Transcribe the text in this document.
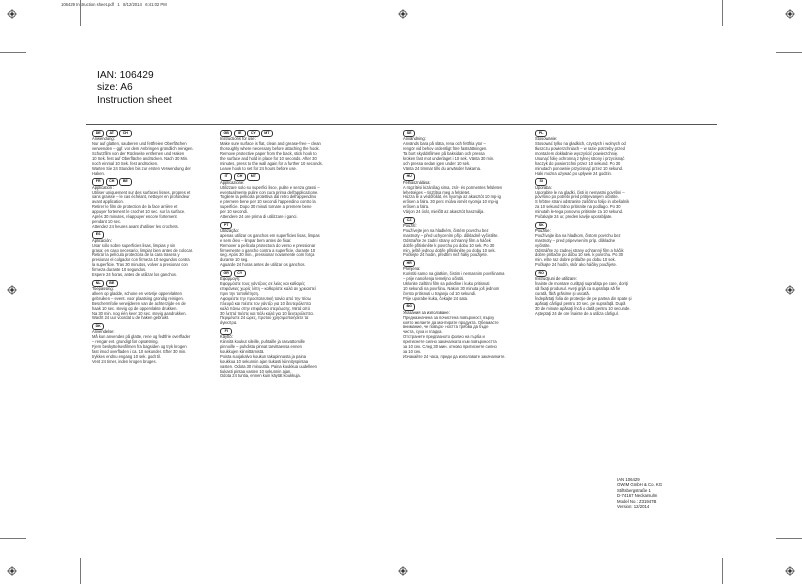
106429 Instruction sheet.pdf   1   8/12/2014   6:41:02 PM
IAN: 106429
size: A6
Instruction sheet
DE	AT	CH
Anwendung:
Nur auf glatten, sauberen und fettfreien Oberflächen
verwenden – ggf. vor dem Anbringen gründlich reinigen.
Schutzfilm von der Rückseite entfernen und Haken
10 Sek. fest auf Oberfläche andrücken. Nach 30 Min.
noch einmal 10 Sek. fest andrücken.
Warten Sie 24 Stunden bis zur ersten Verwendung der
Haken.
FR	CH	BE
Application :
Utiliser uniquement sur des surfaces lisses, propres et
sans graisse – le cas échéant, nettoyer en profondeur
avant application.
Retirer le film de protection de la face arrière et
appuyer fortement le crochet 10 sec. sur la surface.
Après 30 minutes, réappuyer encore fortement
pendant 10 sec.
Attendez 24 heures avant d'utiliser les crochets.
ES
Aplicación:
Usar sólo sobre superficies lisas, limpias y sin
grasa; en caso necesario, limpiar bien antes de colocar.
Retirar la película protectora de la cara trasera y
presionar el colgador con firmeza 10 segundos contra
la superficie. Tras 30 minutos, volver a presionar con
firmeza durante 10 segundos.
Espere 24 horas, antes de utilizar los ganchos.
NL	BE
Toepassing:
alleen op gladde, schone en vetvrije oppervlakten
gebruiken – event. voor plaatsing grondig reinigen.
Beschermfolie verwijderen van de achterzijde en de
haak 10 sec. stevig op de oppervlakte drukken.
Na 30 min. nog één keer 10 sec. stevig aandrukken.
Wacht 24 uur voordat u de haken gebruikt.
DK
Anvendelse:
Må kun anvendes på glatte, rene og fedtfrie overflader
– rengør evt. grundigt før opsætning.
Fjern beskyttelsesfilmen fra bagsiden og tryk krogen
fast imod overfladen i ca. 10 sekunder. Efter 30 min.
trykkes endnu engang 10 sek. godt til.
Vent 24 timer, inden krogen bruges.
GB	IE	CY	MT
Instructions for use:
Make sure surface is flat, clean and grease-free – clean
thoroughly where necessary before attaching the hook.
Remove protective paper from the back, stick hook to
the surface and hold in place for 10 seconds. After 30
minutes, press to the wall again for a further 10 seconds.
Leave hook to set for 24 hours before use.
IT	CH	MT
Applicazione:
Utilizzare solo su superfici lisce, pulite e senza grassi –
eventualmente pulire con cura prima dell'applicazione.
Togliere la pellicola protettiva dal retro dell'appendino
e premere bene per 10 secondi l'appendino contro la
superficie. Dopo 30 minuti tornare a premere bene
per 10 secondi.
Attendere 24 ore prima di utilizzare i ganci.
PT
Utilização:
apenas utilizar os ganchos em superfícies lisas, limpas
e sem óleo – limpar bem antes de fixar.
Remover a película protectora do verso e pressionar
firmemente o gancho contra a superfície, durante 10
seg. Após 30 min., pressionar novamente com força
durante 10 seg.
Aguarde 24 horas antes de utilizar os ganchos.
GR	CY
Εφαρμογή:
Εφαρμόστε τους γάντζους σε λείες και καθαρές
επιφάνειες χωρίς λίπη – καθαρίστε καλά αν χρειαστεί
πριν την τοποθέτηση.
Αφαιρέστε την προστατευτική ταινία από την πίσω
πλευρά και πιέστε τον γάντζο για 10 δευτερόλεπτα
καλά πάνω στην επιφάνεια στερέωσης. Μετά από
30 λεπτά πιέστε και πάλι καλά για 10 δευτερόλεπτα.
Περιμένετε 24 ώρες, προτού χρησιμοποιήσετε τα
άγκιστρα.
FI
Käyttö:
Kiinnitä koukut sileille, puhtaille ja rasvattomille
pinnoille – puhdista pinnat tarvittaessa ennen
koukkujen kiinnittämistä.
Poista suojakalvo koukun takapinnasta ja paina
koukkua 10 sekunnin ajan tiukasti kiinnityspintaa
vasten. Odota 30 minuuttia. Paina koukkua uudelleen
tiukasti pintaa vasten 10 sekunnin ajan.
Odota 24 tuntia, ennen kuin käytät koukkuja.
SE
Användning:
Används bara på släta, rena och fettfria ytor –
rengör vid behov ordentligt före fastsättningen.
Ta bort skyddsfilmen på baksidan och pressa
kroken fast mot underlaget i 10 sek. Vänta 30 min.
och pressa sedan igen under 10 sek.
Vänta 24 timmar tills du använder hakarna.
HU
Felhasználása:
A rögzítési kizárólag sima, zsír- és pormentes felületen
lehetséges – tisztítsa meg a felületet.
Húzza le a védőfóliát, és nyomja az akasztót 10 mp-ig
erősen a falra. 30 perc múlva ismét nyomja 10 mp-ig
erősen a falra.
Várjon 24 órát, mielőtt az akasztót használja.
CZ
Použití:
Používejte jen na hladkém, čistém povrchu bez
mastnoty – před uchycením příp. důkladně vyčistěte.
Odstraňte ze zadní strany ochranný film a háček
dobře přitiskněte k povrchu po dobu 10 sek. Po 30
min. ještě jednou dobře přitiskněte po dobu 10 sek.
Počkejte 24 hodin, předtím než háky použijete.
HR
Primjena:
Koristiti samo na glatkim, čistim i nemasnim površinama
– prije nanošenja temeljno očistiti.
Uklonite zaštitni film sa poleđine i kuku pritisnuti
10 sekundi na površinu. Nakon 30 minuta još jednom
čvrsto pritisnuti u trajanju od 10 sekundi.
Prije uporabe kuka, čekajte 24 sata.
BG
Указания за използване:
Предназначена за почистена повърхност, върху
която желаете да монтирате продукта. Обезмасте
внимание, че повърх- ността трябва да бъде
чиста, суха и гладка.
Отстранете предпазното фолио на гърба и
притиснете силно закачалката към повърхността
за 10 сек. След 30 мин. отново притиснете силно
за 10 сек.
Изчакайте 24 часа, преди да използвате закачалките.
PL
Stosowanie:
Stosować tylko na gładkich, czystych i wolnych od
tłuszczu powierzchniach – w razie potrzeby przed
montażem dokładnie wyczyścić powierzchnię.
Usunąć folię ochronną z tylnej strony i przycisnąć
haczyk do powierzchni przez 10 sekund. Po 30
minutach ponownie przycisnąć przez 10 sekund.
Haki można używać po upływie 24 godzin.
SI
Uporaba:
Uporabite le na gladki, čisti in nemastni površini –
površino po potrebi pred pritrjevanjem očistite.
S hrbtne strani odstranite zaščitno folijo in obešalnik
za 10 sekund trdno pritisnite na podlago. Po 30
minutah le-tega ponovno pritisnite za 10 sekund.
Počakajte 24 ur, preden kavlje uporabljate.
SK
Použitie:
Používajte iba na hladkom, čistom povrchu bez
mastnoty – pred pripevnením príp. dôkladne
vyčistite.
Odstráňte zo zadnej strany ochranný film a háčik
dobre pritlačte po dobu 10 sek. k povrchu. Po 30
min. ešte raz dobre pritlačte po dobu 10 sek.
Počkajte 24 hodín, skôr ako háčiky použijete.
RO
Instrucţiuni de utilizare:
Înainte de montare curăţaţi suprafaţa pe care, doriţi
să fixaţi produsul. Aveţi grijă ca suprafaţa să fie
curată, fără grăsime şi uscată.
Îndepărtaţi folia de protecţie de pe partea din spate şi
apăsaţi cârligul pentru 10 sec. pe suprafaţă. După
30 de minute apăsaţi încă o dată pentru 10 secunde.
Aşteptaţi 24 de ore înainte de a utiliza cârligul.
IAN 106429
OWIM GmbH & Co. KG
Stiftsbergstraße 1
D-74167 Neckarsulm
Model No.: Z31947B
Version: 12/2014
